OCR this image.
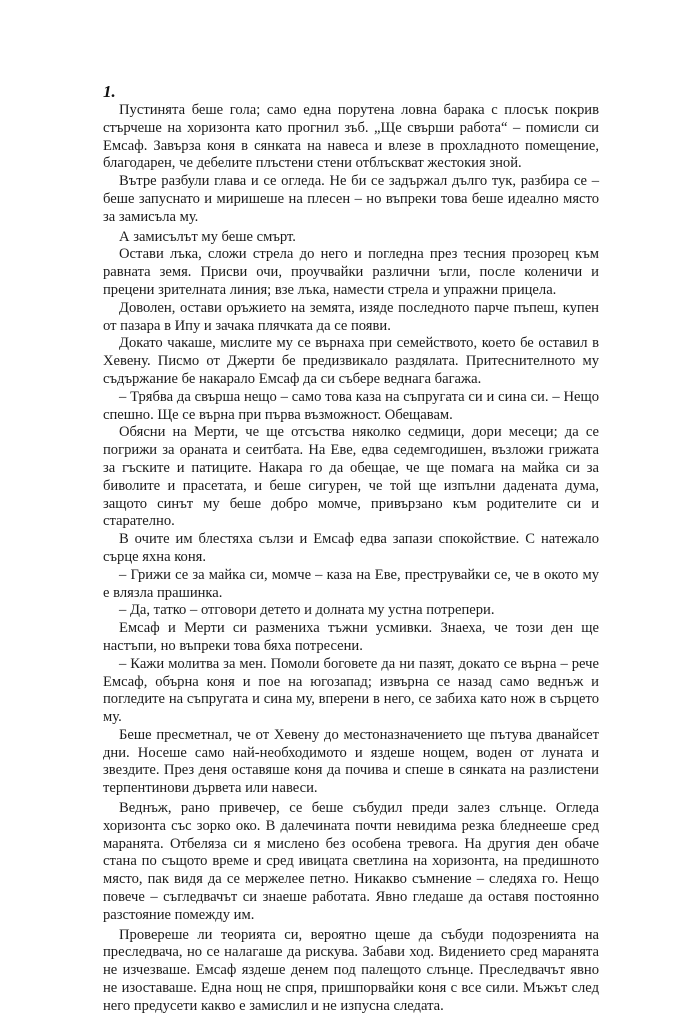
1.

Пустинята беше гола; само една порутена ловна барака с плосък покрив стърчеше на хоризонта като прогнил зъб. „Ще свърши работа“ – помисли си Емсаф. Завърза коня в сянката на навеса и влезе в прохладното помещение, благодарен, че дебелите плъстени стени отблъскват жестокия зной.

Вътре разбули глава и се огледа. Не би се задържал дълго тук, разбира се – беше запуснато и миришеше на плесен – но въпреки това беше идеално място за замисъла му.

А замисълът му беше смърт.

Остави лъка, сложи стрела до него и погледна през тесния прозорец към равната земя. Присви очи, проучвайки различни ъгли, после коленичи и прецени зрителната линия; взе лъка, намести стрела и упражни прицела.

Доволен, остави оръжието на земята, изяде последното парче пъпеш, купен от пазара в Ипу и зачака плячката да се появи.

Докато чакаше, мислите му се върнаха при семейството, което бе оставил в Хевену. Писмо от Джерти бе предизвикало раздялата. Притеснителното му съдържание бе накарало Емсаф да си събере веднага багажа.

– Трябва да свърша нещо – само това каза на съпругата си и сина си. – Нещо спешно. Ще се върна при първа възможност. Обещавам.

Обясни на Мерти, че ще отсъства няколко седмици, дори месеци; да се погрижи за ораната и сеитбата. На Еве, едва седемгодишен, възложи грижата за гъските и патиците. Накара го да обещае, че ще помага на майка си за биволите и прасетата, и беше сигурен, че той ще изпълни дадената дума, защото синът му беше добро момче, привързано към родителите си и старателно.

В очите им блестяха сълзи и Емсаф едва запази спокойствие. С натежало сърце яхна коня.

– Грижи се за майка си, момче – каза на Еве, преструвайки се, че в окото му е влязла прашинка.

– Да, татко – отговори детето и долната му устна потрепери.

Емсаф и Мерти си размениха тъжни усмивки. Знаеха, че този ден ще настъпи, но въпреки това бяха потресени.

– Кажи молитва за мен. Помоли боговете да ни пазят, докато се върна – рече Емсаф, обърна коня и пое на югозапад; извърна се назад само веднъж и погледите на съпругата и сина му, вперени в него, се забиха като нож в сърцето му.

Беше пресметнал, че от Хевену до местоназначението ще пътува дванайсет дни. Носеше само най-необходимото и яздеше нощем, воден от луната и звездите. През деня оставяше коня да почива и спеше в сянката на разлистени терпентинови дървета или навеси.

Веднъж, рано привечер, се беше събудил преди залез слънце. Огледа хоризонта със зорко око. В далечината почти невидима резка бледнееше сред маранята. Отбеляза си я мислено без особена тревога. На другия ден обаче стана по същото време и сред ивицата светлина на хоризонта, на предишното място, пак видя да се мержелее петно. Никакво съмнение – следяха го. Нещо повече – съгледвачът си знаеше работата. Явно гледаше да оставя постоянно разстояние помежду им.

Провереше ли теорията си, вероятно щеше да събуди подозренията на преследвача, но се налагаше да рискува. Забави ход. Видението сред маранята не изчезваше. Емсаф яздеше денем под палещото слънце. Преследвачът явно не изоставаше. Една нощ не спря, пришпорвайки коня с все сили. Мъжът след него предусети какво е замислил и не изпусна следата.
